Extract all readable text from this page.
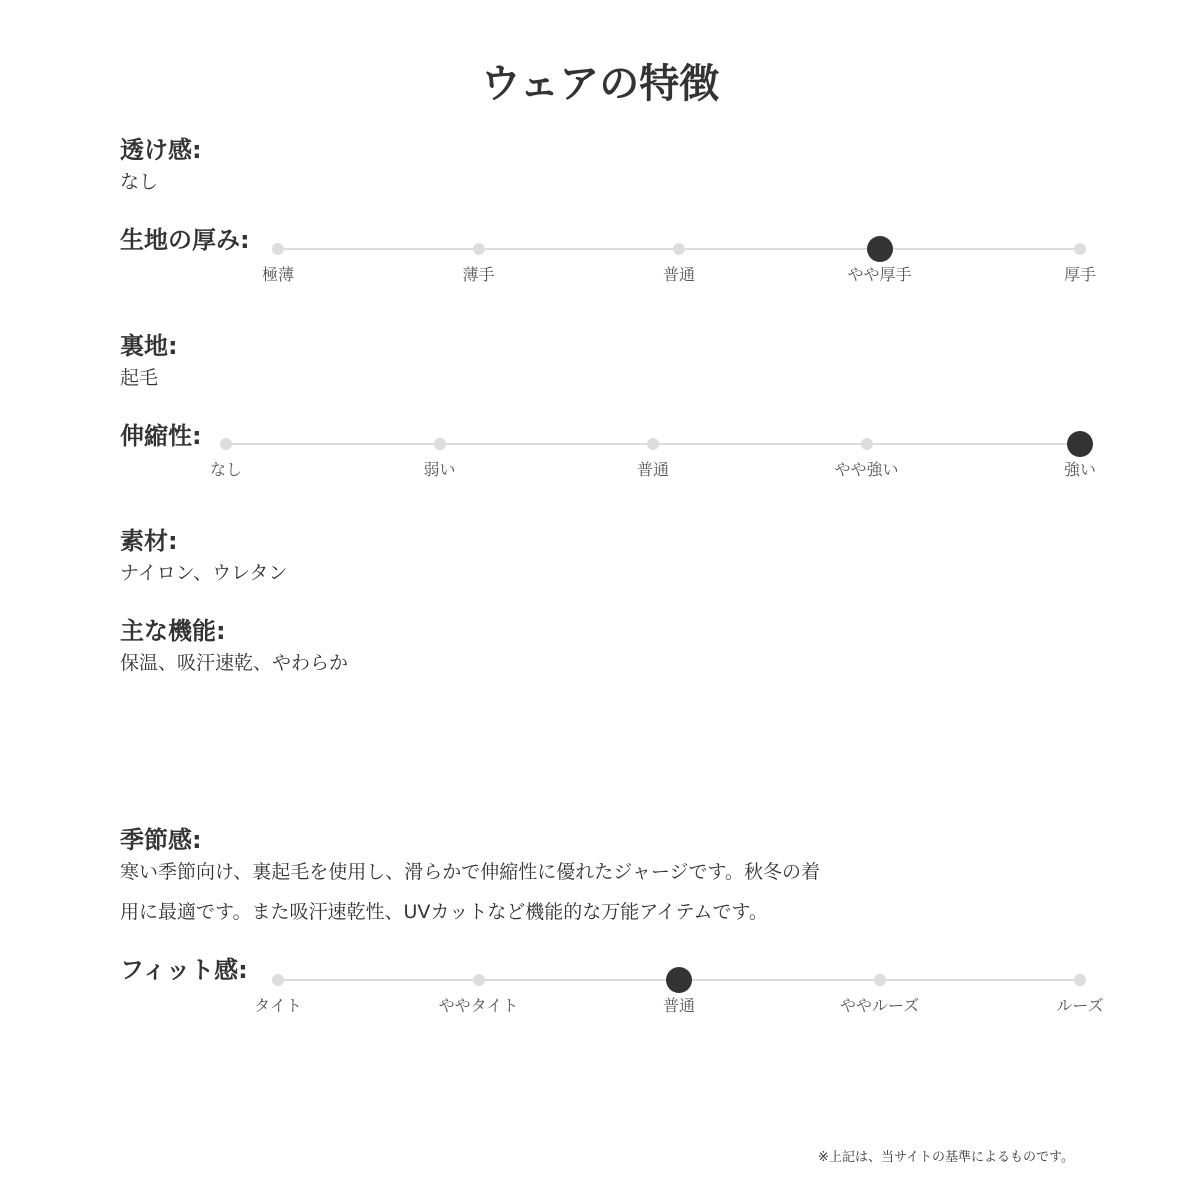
ウェアの特徴
透け感:
なし
生地の厚み:
極薄	薄手	普通	やや厚手	厚手
裏地:
起毛
伸縮性:
なし	弱い	普通	やや強い	強い
素材:
ナイロン、ウレタン
主な機能:
保温、吸汗速乾、やわらか
季節感:
寒い季節向け、裏起毛を使用し、滑らかで伸縮性に優れたジャージです。秋冬の着
用に最適です。また吸汗速乾性、UVカットなど機能的な万能アイテムです。
フィット感:
タイト	ややタイト	普通	ややルーズ	ルーズ
※上記は、当サイトの基準によるものです。
